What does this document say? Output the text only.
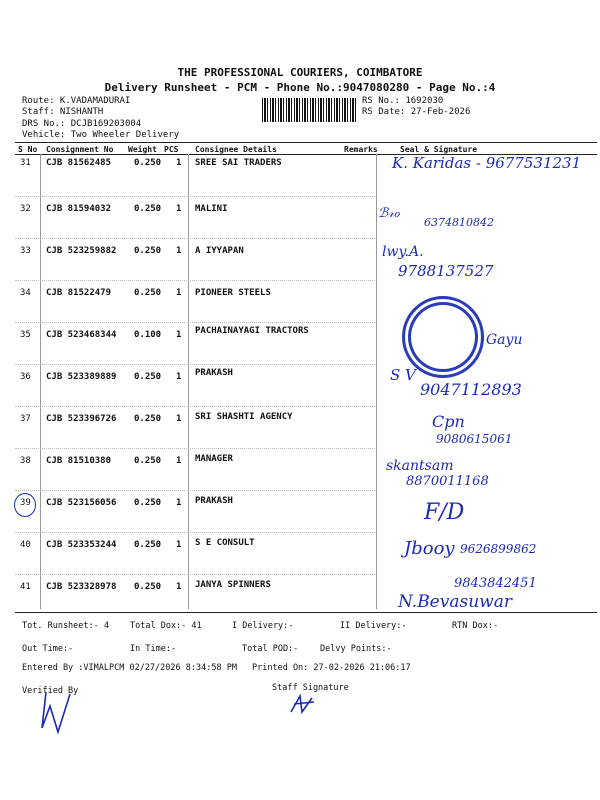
THE PROFESSIONAL COURIERS, COIMBATORE
Delivery Runsheet - PCM - Phone No.:9047080280 - Page No.:4
Route: K.VADAMADURAI
Staff: NISHANTH
DRS No.: DCJB169203004
Vehicle: Two Wheeler Delivery
RS No.: 1692030
RS Date: 27-Feb-2026
S No Consignment No Weight PCS Consignee Details	Remarks	Seal & Signature
31 CJB 81562485	0.250 1 SREE SAI TRADERS	K. Karidas - 9677531231
32 CJB 81594032	0.250 1 MALINI	ℬ𝓇ℴ
6374810842
33 CJB 523259882 0.250 1 A IYYAPAN	lwy.A.
9788137527
34 CJB 81522479	0.250 1 PIONEER STEELS
Gayu
35 CJB 523468344 0.100 1 PACHAINAYAGI TRACTORS
36 CJB 523389889 0.250 1 PRAKASH	S V
9047112893
37 CJB 523396726 0.250 1 SRI SHASHTI AGENCY	Cpn
9080615061
38 CJB 81510380	0.250 1 MANAGER	skantsam
8870011168
39 CJB 523156056 0.250 1 PRAKASH	F/D
40 CJB 523353244 0.250 1 S E CONSULT	Jbooy 9626899862
41 CJB 523328978 0.250 1 JANYA SPINNERS	9843842451
N.Bevasuwar
Tot. Runsheet:- 4 Total Dox:- 41	I Delivery:-	II Delivery:-	RTN Dox:-
Out Time:-	In Time:-	Total POD:-	Delvy Points:-
Entered By :VIMALPCM 02/27/2026 8:34:58 PM Printed On: 27-02-2026 21:06:17
Verified By	Staff Signature
